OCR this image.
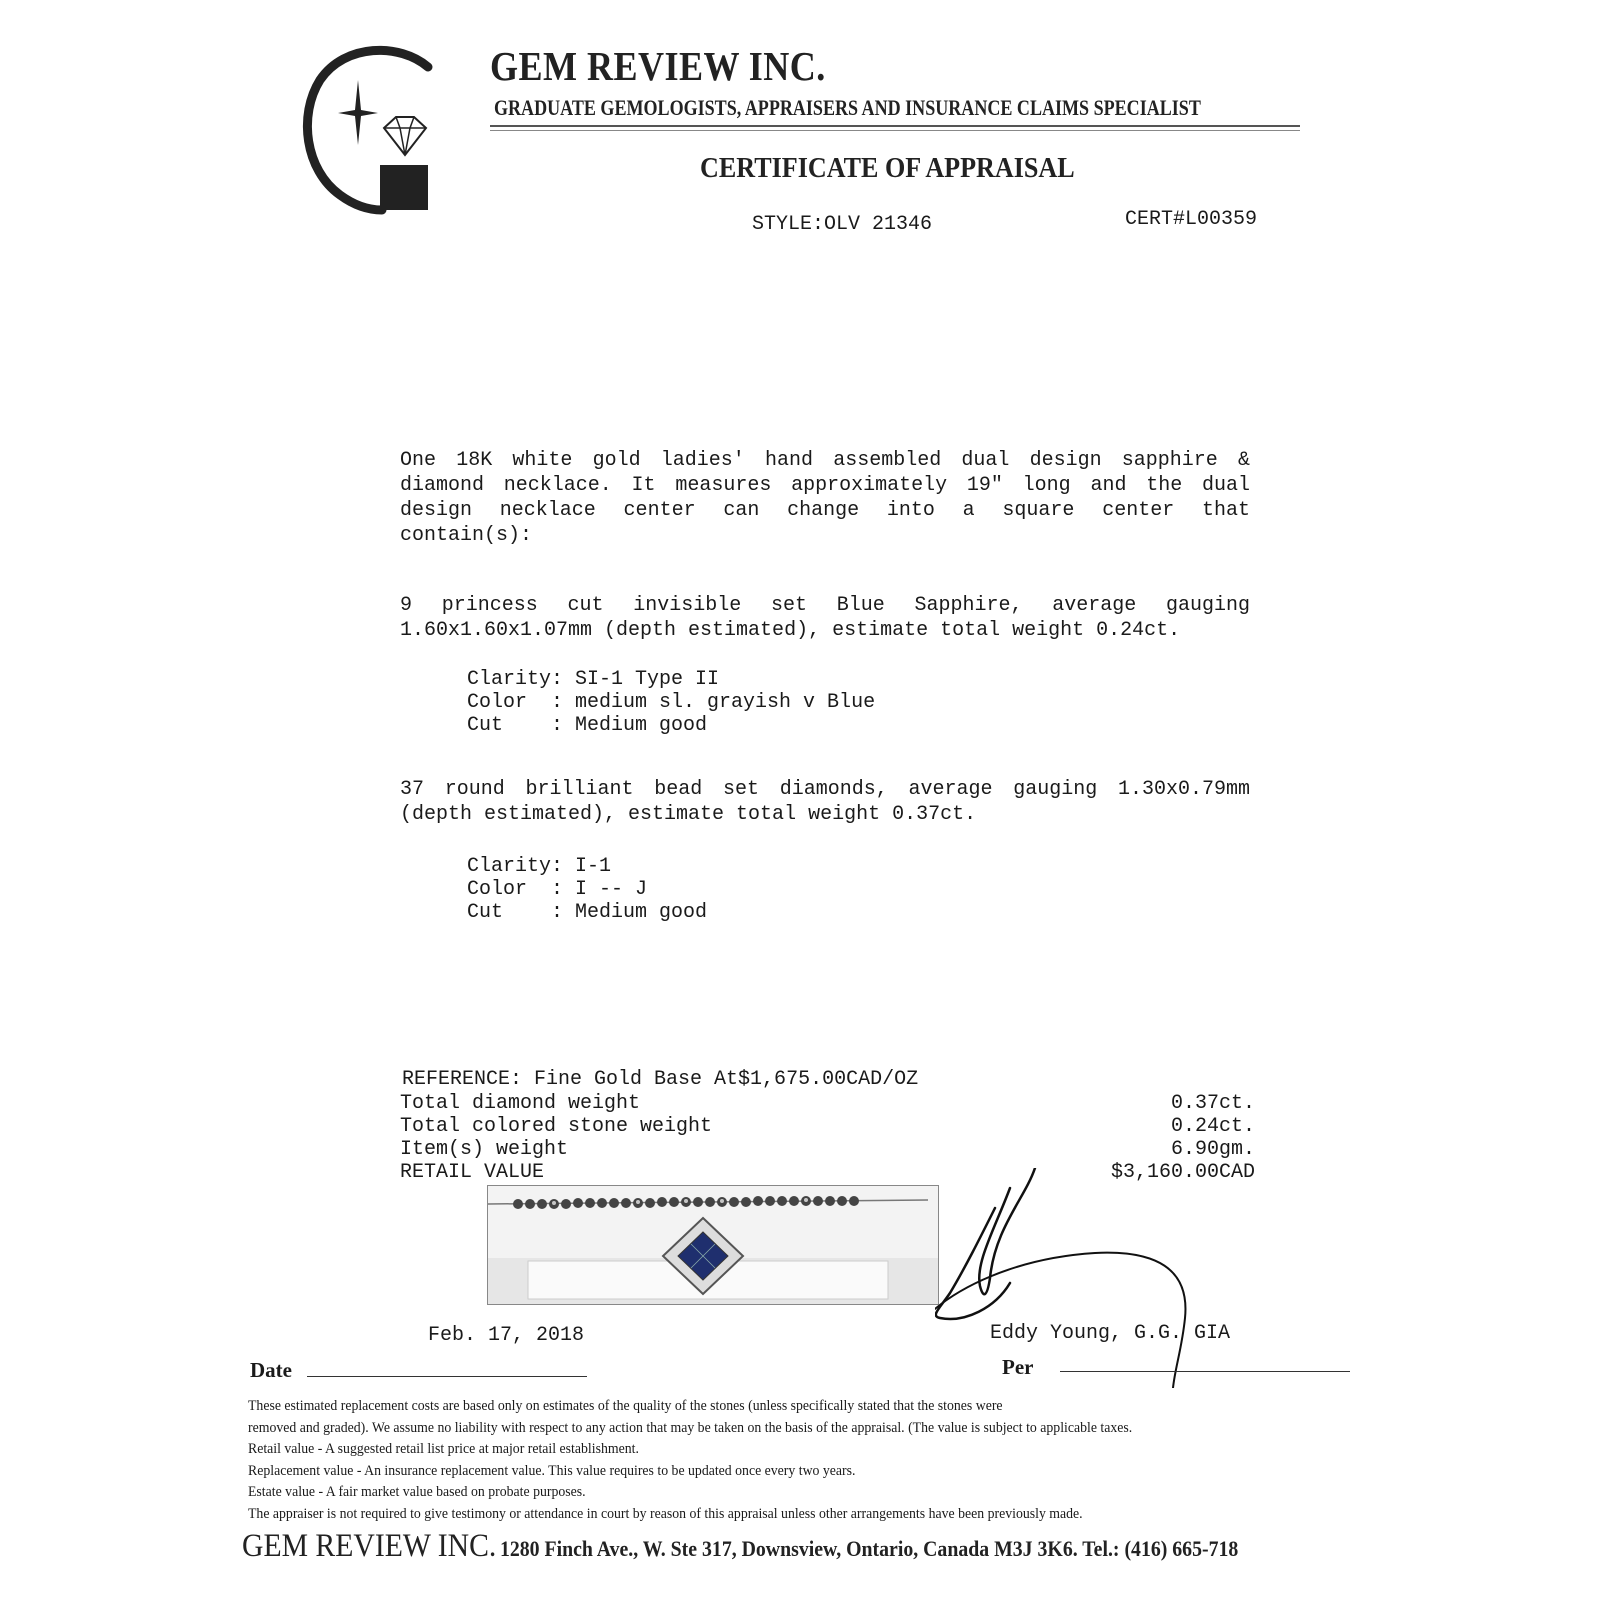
GEM REVIEW INC.
GRADUATE GEMOLOGISTS, APPRAISERS AND INSURANCE CLAIMS SPECIALIST
CERTIFICATE OF APPRAISAL
STYLE:OLV 21346	CERT#L00359

One 18K white gold ladies' hand assembled dual design sapphire & diamond necklace. It measures approximately 19" long and the dual design necklace center can change into a square center that contain(s):

9 princess cut invisible set Blue Sapphire, average gauging 1.60x1.60x1.07mm (depth estimated), estimate total weight 0.24ct.

Clarity: SI-1 Type II
Color  : medium sl. grayish v Blue
Cut    : Medium good

37 round brilliant bead set diamonds, average gauging 1.30x0.79mm (depth estimated), estimate total weight 0.37ct.

Clarity: I-1
Color  : I -- J
Cut    : Medium good
REFERENCE: Fine Gold Base At$1,675.00CAD/OZ
Total diamond weight	0.37ct.
Total colored stone weight	0.24ct.
Item(s) weight	6.90gm.
RETAIL VALUE	$3,160.00CAD
Feb. 17, 2018
Date
Eddy Young, G.G. GIA
Per
These estimated replacement costs are based only on estimates of the quality of the stones (unless specifically stated that the stones were
removed and graded). We assume no liability with respect to any action that may be taken on the basis of the appraisal. (The value is subject to applicable taxes.
Retail value - A suggested retail list price at major retail establishment.
Replacement value - An insurance replacement value. This value requires to be updated once every two years.
Estate value - A fair market value based on probate purposes.
The appraiser is not required to give testimony or attendance in court by reason of this appraisal unless other arrangements have been previously made.
GEM REVIEW INC. 1280 Finch Ave., W. Ste 317, Downsview, Ontario, Canada M3J 3K6. Tel.: (416) 665-718
